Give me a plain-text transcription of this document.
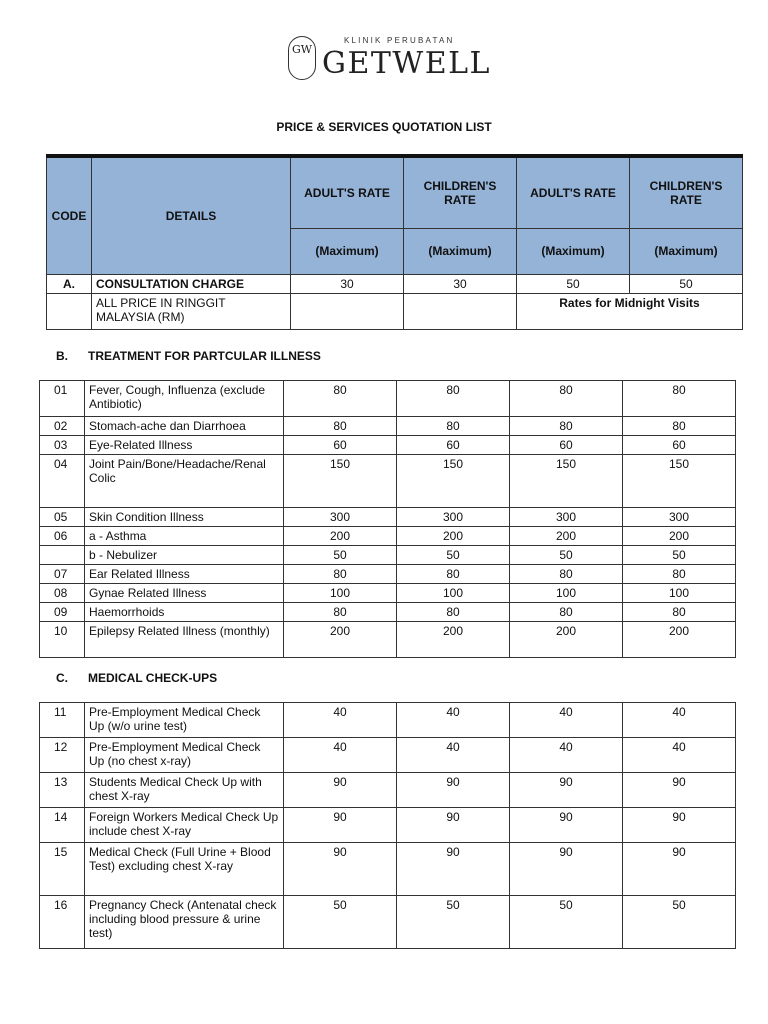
GW
KLINIK PERUBATAN
GETWELL
PRICE & SERVICES QUOTATION LIST
CODE	DETAILS	ADULT'S RATE	CHILDREN'S RATE	ADULT'S RATE	CHILDREN'S RATE
		(Maximum)	(Maximum)	(Maximum)	(Maximum)
A.	CONSULTATION CHARGE	30	30	50	50
	ALL PRICE IN RINGGIT MALAYSIA (RM)			Rates for Midnight Visits	
B. TREATMENT FOR PARTCULAR ILLNESS
01	Fever, Cough, Influenza (exclude Antibiotic)	80	80	80	80
02	Stomach-ache dan Diarrhoea	80	80	80	80
03	Eye-Related Illness	60	60	60	60
04	Joint Pain/Bone/Headache/Renal Colic	150	150	150	150
05	Skin Condition Illness	300	300	300	300
06	a - Asthma	200	200	200	200
	b - Nebulizer	50	50	50	50
07	Ear Related Illness	80	80	80	80
08	Gynae Related Illness	100	100	100	100
09	Haemorrhoids	80	80	80	80
10	Epilepsy Related Illness (monthly)	200	200	200	200
C. MEDICAL CHECK-UPS
11	Pre-Employment Medical Check Up (w/o urine test)	40	40	40	40
12	Pre-Employment Medical Check Up (no chest x-ray)	40	40	40	40
13	Students Medical Check Up with chest X-ray	90	90	90	90
14	Foreign Workers Medical Check Up include chest X-ray	90	90	90	90
15	Medical Check (Full Urine + Blood Test) excluding chest X-ray	90	90	90	90
16	Pregnancy Check (Antenatal check including blood pressure & urine test)	50	50	50	50
